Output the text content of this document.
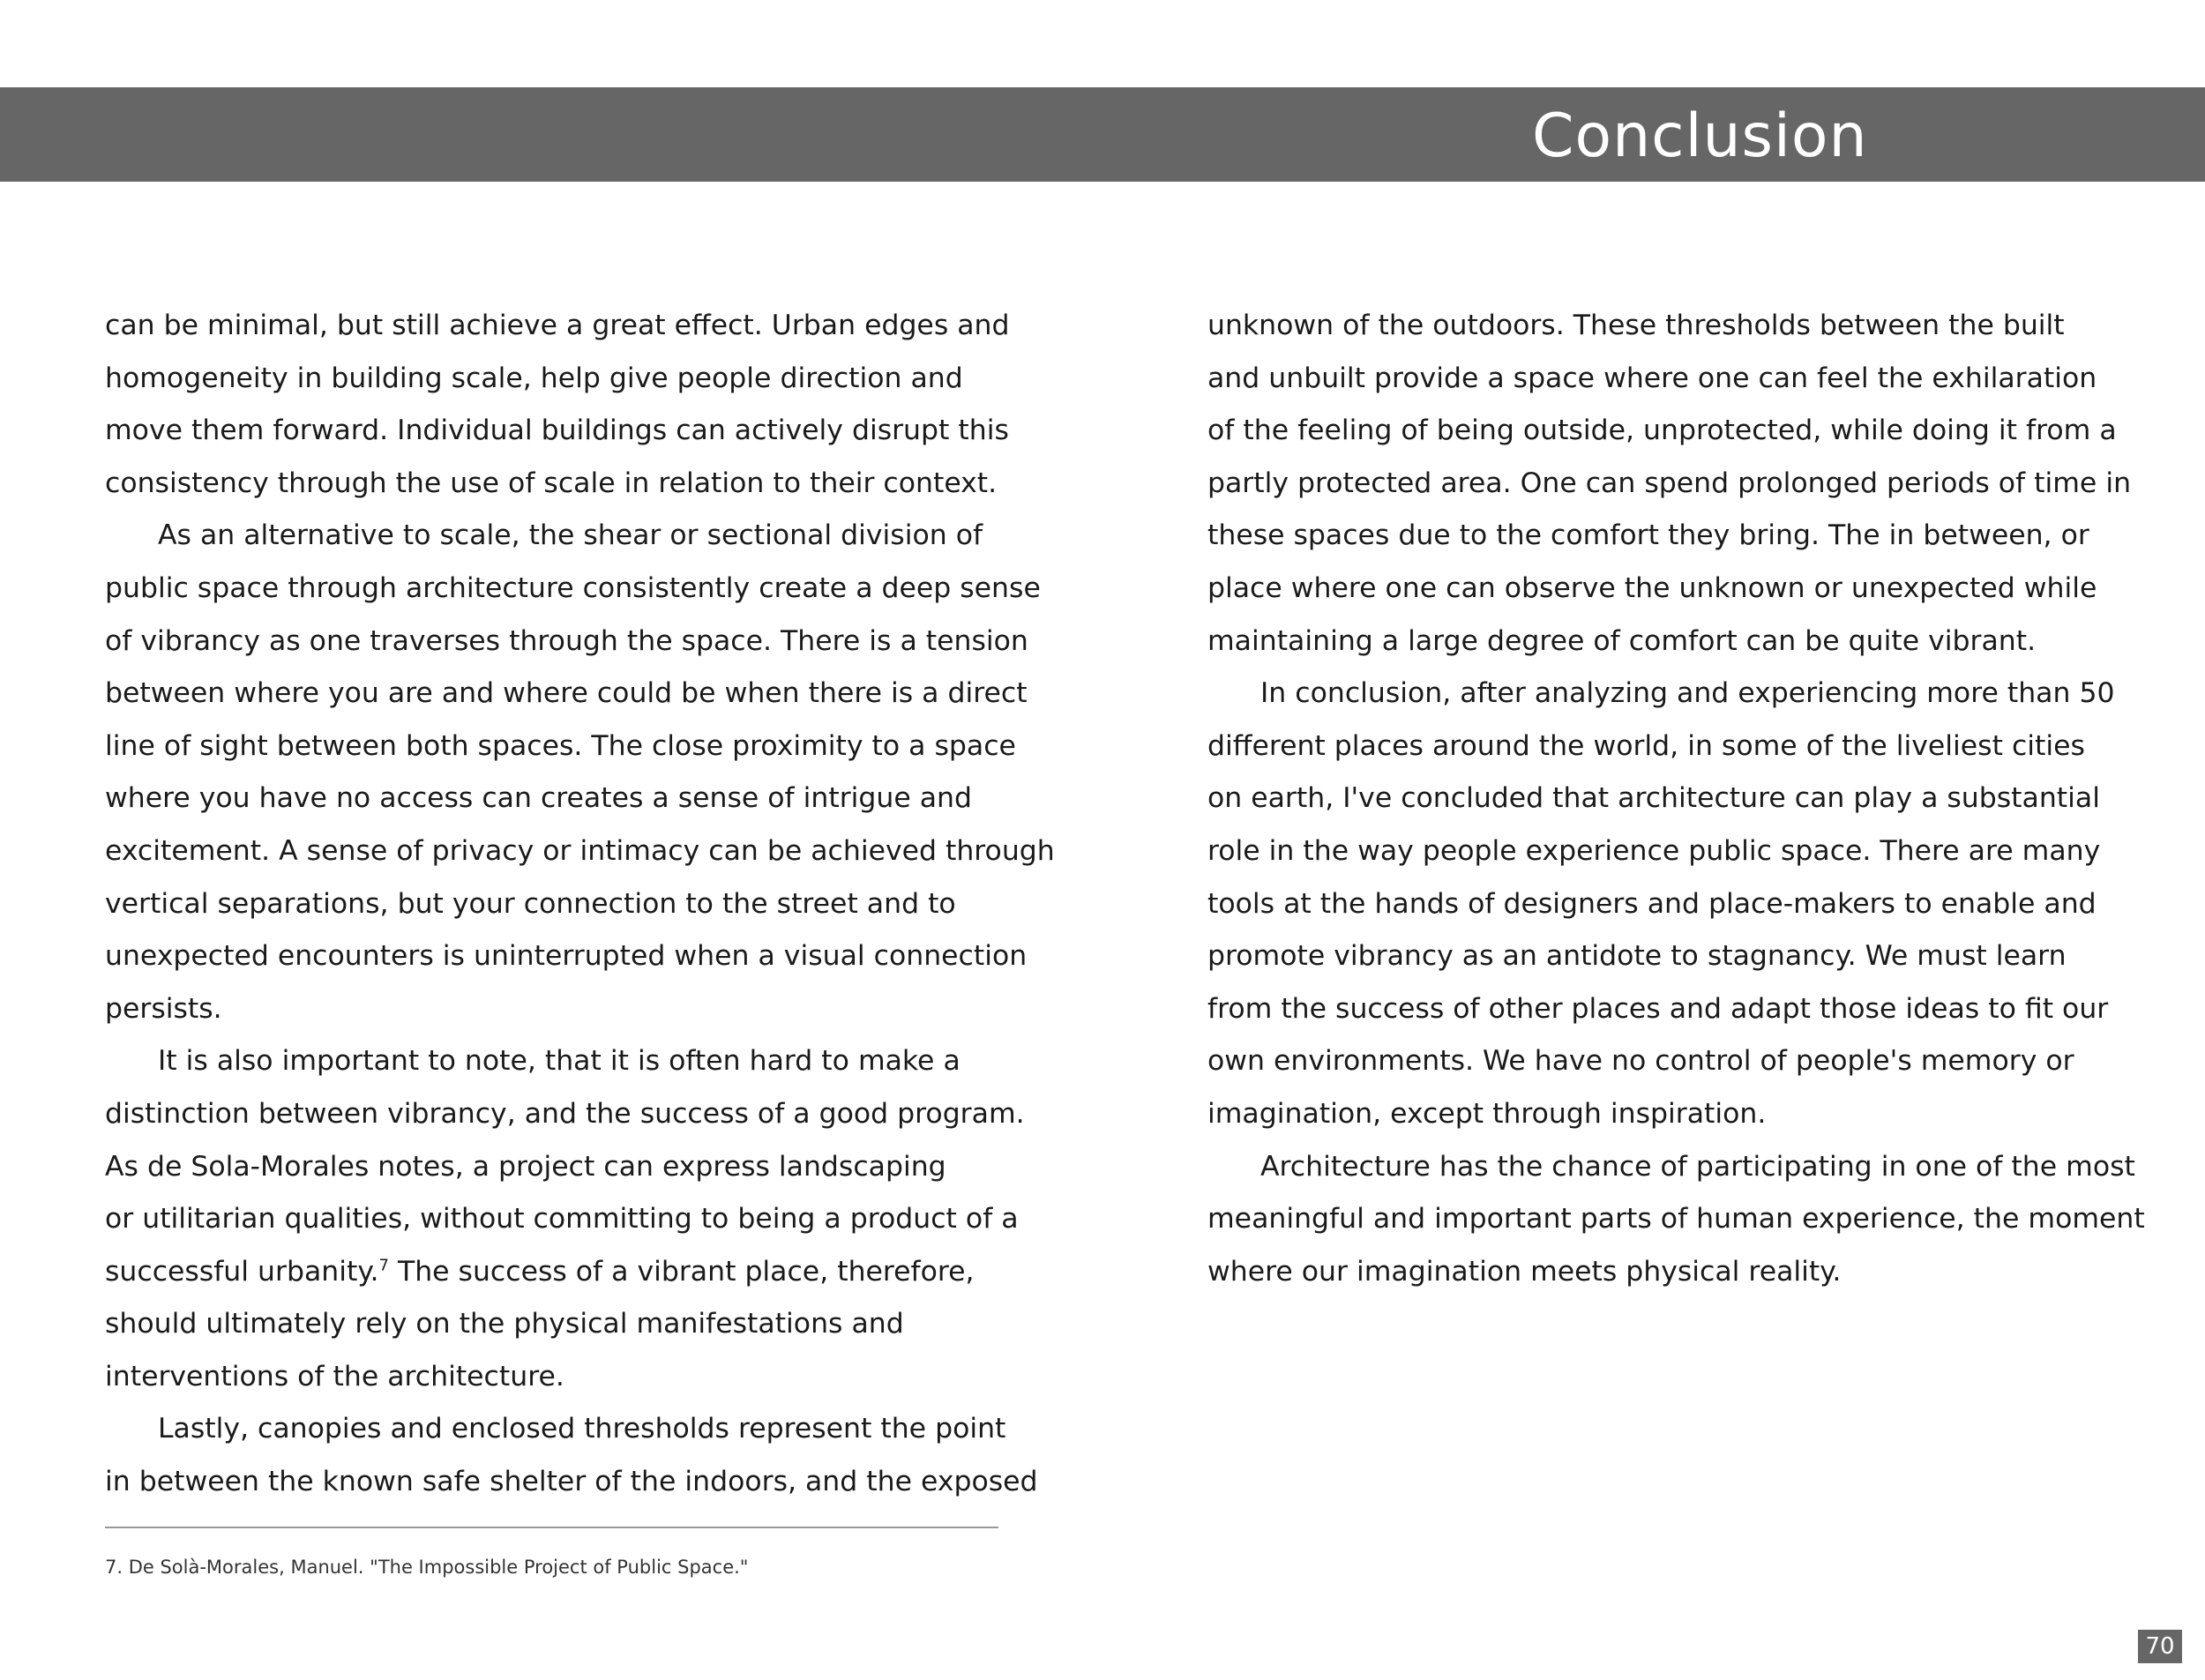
Conclusion
can be minimal, but still achieve a great effect. Urban edges and
homogeneity in building scale, help give people direction and
move them forward. Individual buildings can actively disrupt this
consistency through the use of scale in relation to their context.
As an alternative to scale, the shear or sectional division of
public space through architecture consistently create a deep sense
of vibrancy as one traverses through the space. There is a tension
between where you are and where could be when there is a direct
line of sight between both spaces. The close proximity to a space
where you have no access can creates a sense of intrigue and
excitement. A sense of privacy or intimacy can be achieved through
vertical separations, but your connection to the street and to
unexpected encounters is uninterrupted when a visual connection
persists.
It is also important to note, that it is often hard to make a
distinction between vibrancy, and the success of a good program.
As de Sola-Morales notes, a project can express landscaping
or utilitarian qualities, without committing to being a product of a
successful urbanity.$^7$ The success of a vibrant place, therefore,
should ultimately rely on the physical manifestations and
interventions of the architecture.
Lastly, canopies and enclosed thresholds represent the point
in between the known safe shelter of the indoors, and the exposed
unknown of the outdoors. These thresholds between the built
and unbuilt provide a space where one can feel the exhilaration
of the feeling of being outside, unprotected, while doing it from a
partly protected area. One can spend prolonged periods of time in
these spaces due to the comfort they bring. The in between, or
place where one can observe the unknown or unexpected while
maintaining a large degree of comfort can be quite vibrant.
In conclusion, after analyzing and experiencing more than 50
different places around the world, in some of the liveliest cities
on earth, I've concluded that architecture can play a substantial
role in the way people experience public space. There are many
tools at the hands of designers and place-makers to enable and
promote vibrancy as an antidote to stagnancy. We must learn
from the success of other places and adapt those ideas to fit our
own environments. We have no control of people's memory or
imagination, except through inspiration.
Architecture has the chance of participating in one of the most
meaningful and important parts of human experience, the moment
where our imagination meets physical reality.
7. De Solà-Morales, Manuel. "The Impossible Project of Public Space."
70
